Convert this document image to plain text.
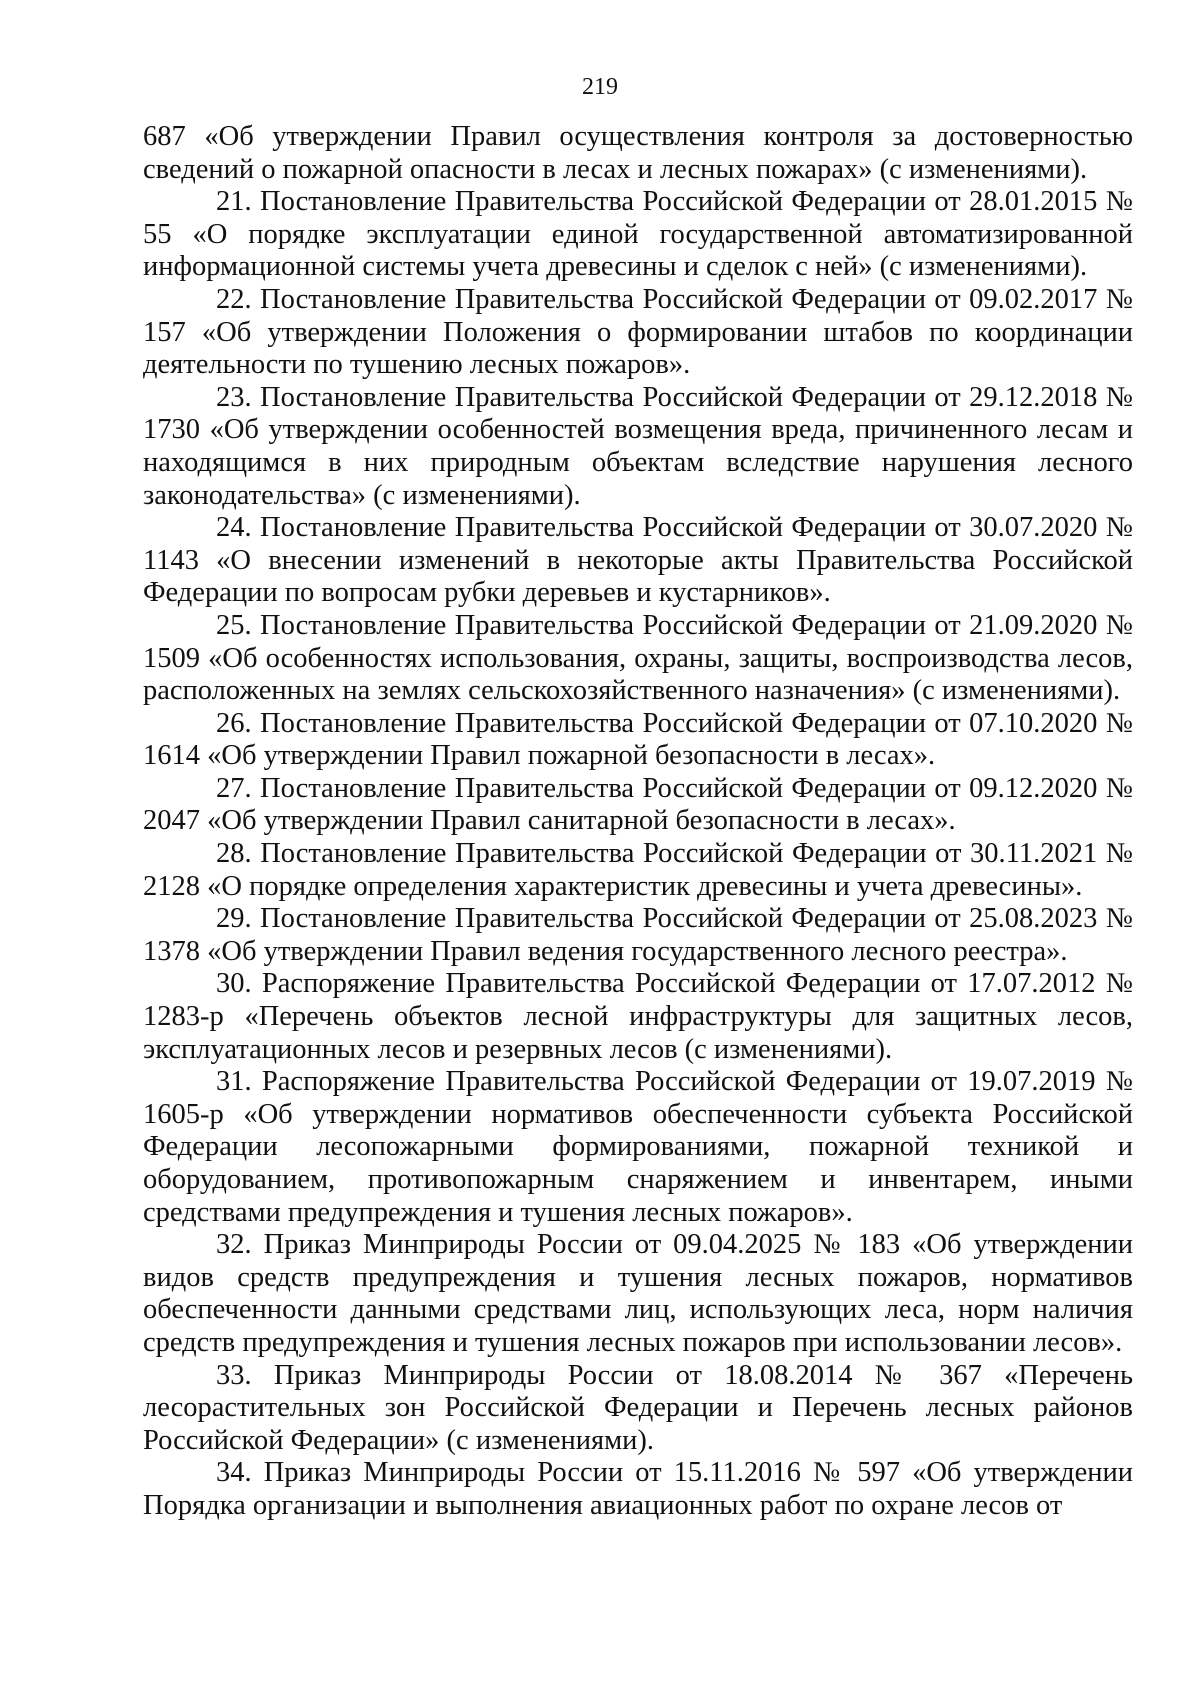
219

687 «Об утверждении Правил осуществления контроля за достоверностью сведений о пожарной опасности в лесах и лесных пожарах» (с изменениями).

21. Постановление Правительства Российской Федерации от 28.01.2015 № 55 «О порядке эксплуатации единой государственной автоматизированной информационной системы учета древесины и сделок с ней» (с изменениями).

22. Постановление Правительства Российской Федерации от 09.02.2017 № 157 «Об утверждении Положения о формировании штабов по координации деятельности по тушению лесных пожаров».

23. Постановление Правительства Российской Федерации от 29.12.2018 № 1730 «Об утверждении особенностей возмещения вреда, причиненного лесам и находящимся в них природным объектам вследствие нарушения лесного законодательства» (с изменениями).

24. Постановление Правительства Российской Федерации от 30.07.2020 № 1143 «О внесении изменений в некоторые акты Правительства Российской Федерации по вопросам рубки деревьев и кустарников».

25. Постановление Правительства Российской Федерации от 21.09.2020 № 1509 «Об особенностях использования, охраны, защиты, воспроизводства лесов, расположенных на землях сельскохозяйственного назначения» (с изменениями).

26. Постановление Правительства Российской Федерации от 07.10.2020 № 1614 «Об утверждении Правил пожарной безопасности в лесах».

27. Постановление Правительства Российской Федерации от 09.12.2020 № 2047 «Об утверждении Правил санитарной безопасности в лесах».

28. Постановление Правительства Российской Федерации от 30.11.2021 № 2128 «О порядке определения характеристик древесины и учета древесины».

29. Постановление Правительства Российской Федерации от 25.08.2023 № 1378 «Об утверждении Правил ведения государственного лесного реестра».

30. Распоряжение Правительства Российской Федерации от 17.07.2012 № 1283-р «Перечень объектов лесной инфраструктуры для защитных лесов, эксплуатационных лесов и резервных лесов (с изменениями).

31. Распоряжение Правительства Российской Федерации от 19.07.2019 № 1605-р «Об утверждении нормативов обеспеченности субъекта Российской Федерации лесопожарными формированиями, пожарной техникой и оборудованием, противопожарным снаряжением и инвентарем, иными средствами предупреждения и тушения лесных пожаров».

32. Приказ Минприроды России от 09.04.2025 № 183 «Об утверждении видов средств предупреждения и тушения лесных пожаров, нормативов обеспеченности данными средствами лиц, использующих леса, норм наличия средств предупреждения и тушения лесных пожаров при использовании лесов».

33. Приказ Минприроды России от 18.08.2014 № 367 «Перечень лесорастительных зон Российской Федерации и Перечень лесных районов Российской Федерации» (с изменениями).

34. Приказ Минприроды России от 15.11.2016 № 597 «Об утверждении Порядка организации и выполнения авиационных работ по охране лесов от
